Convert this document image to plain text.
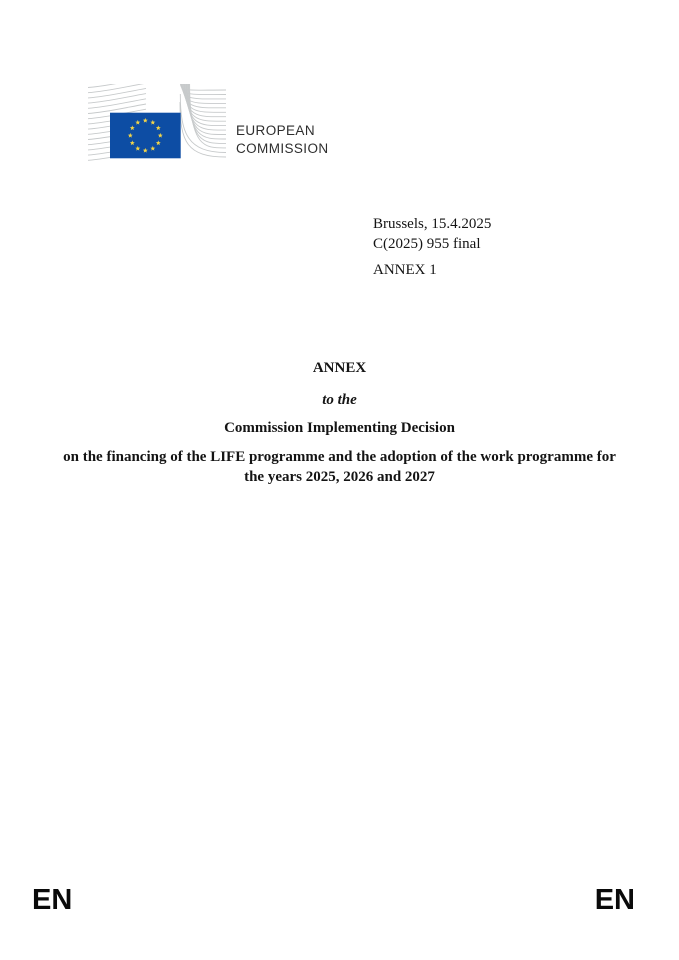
EUROPEAN
COMMISSION
Brussels, 15.4.2025
C(2025) 955 final
ANNEX 1
ANNEX
to the
Commission Implementing Decision
on the financing of the LIFE programme and the adoption of the work programme for
the years 2025, 2026 and 2027
EN	EN
